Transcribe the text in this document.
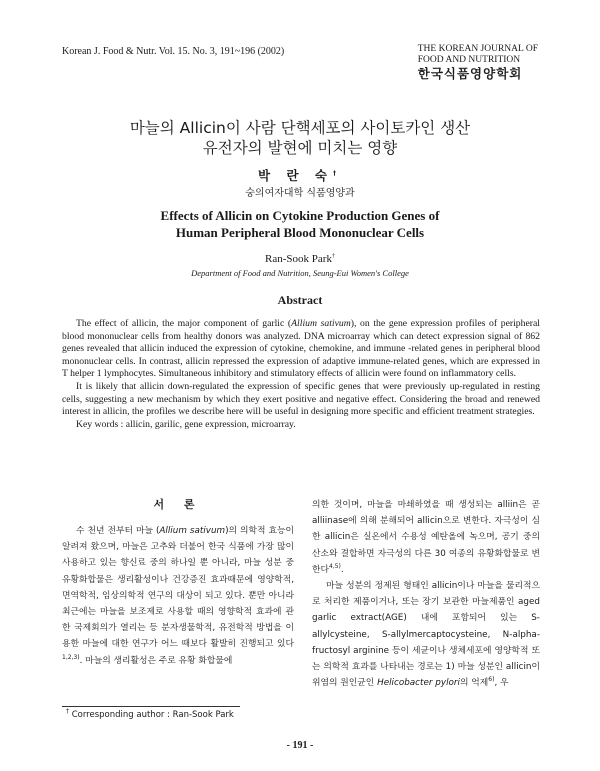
Korean J. Food & Nutr. Vol. 15. No. 3, 191~196 (2002)	THE KOREAN JOURNAL OF
FOOD AND NUTRITION
한국식품영양학회
마늘의 Allicin이 사람 단핵세포의 사이토카인 생산
유전자의 발현에 미치는 영향
박 란 숙†
숭의여자대학 식품영양과
Effects of Allicin on Cytokine Production Genes of
Human Peripheral Blood Mononuclear Cells
Ran-Sook Park†
Department of Food and Nutrition, Seung-Eui Women's College
Abstract

The effect of allicin, the major component of garlic (Allium sativum), on the gene expression profiles of peripheral blood mononuclear cells from healthy donors was analyzed. DNA microarray which can detect expression signal of 862 genes revealed that allicin induced the expression of cytokine, chemokine, and immune -related genes in peripheral blood mononuclear cells. In contrast, allicin repressed the expression of adaptive immune-related genes, which are expressed in T helper 1 lymphocytes. Simultaneous inhibitory and stimulatory effects of allicin were found on inflammatory cells.

It is likely that allicin down-regulated the expression of specific genes that were previously up-regulated in resting cells, suggesting a new mechanism by which they exert positive and negative effect. Considering the broad and renewed interest in allicin, the profiles we describe here will be useful in designing more specific and efficient treatment strategies.

Key words : allicin, garilic, gene expression, microarray.

서 론

수 천년 전부터 마늘 (Allium sativum)의 의학적 효능이 알려져 왔으며, 마늘은 고추와 더불어 한국 식품에 가장 많이 사용하고 있는 향신료 중의 하나일 뿐 아니라, 마늘 성분 중 유황화합물은 생리활성이나 건강증진 효과때문에 영양학적, 면역학적, 임상의학적 연구의 대상이 되고 있다. 뿐만 아니라 최근에는 마늘을 보조제로 사용할 때의 영향학적 효과에 관한 국제회의가 열리는 등 분자생물학적, 유전학적 방법을 이용한 마늘에 대한 연구가 어느 때보다 활발히 진행되고 있다$^{1,2,3)}$. 마늘의 생리활성은 주로 유황 화합물에

의한 것이며, 마늘을 마쇄하였을 때 생성되는 alliin은 곧 alliinase에 의해 분해되어 allicin으로 변한다. 자극성이 심한 allicin은 실온에서 수용성 예탄올에 녹으며, 공기 중의 산소와 결합하면 자극성의 다른 30 여종의 유황화합물로 변한다$^{4,5)}$.

마늘 성분의 정제된 형태인 allicin이나 마늘을 물리적으로 처리한 제품이거나, 또는 장기 보관한 마늘제품인 aged garlic extract(AGE) 내에 포함되어 있는 S-allylcysteine, S-allylmercaptocysteine, N-alpha-fructosyl arginine 등이 세균이나 생체세포에 영양학적 또는 의학적 효과를 나타내는 경로는 1) 마늘 성분인 allicin이 위염의 원인균인 Helicobacter pylori의 억제$^{6)}$, 우

† Corresponding author : Ran-Sook Park
- 191 -
